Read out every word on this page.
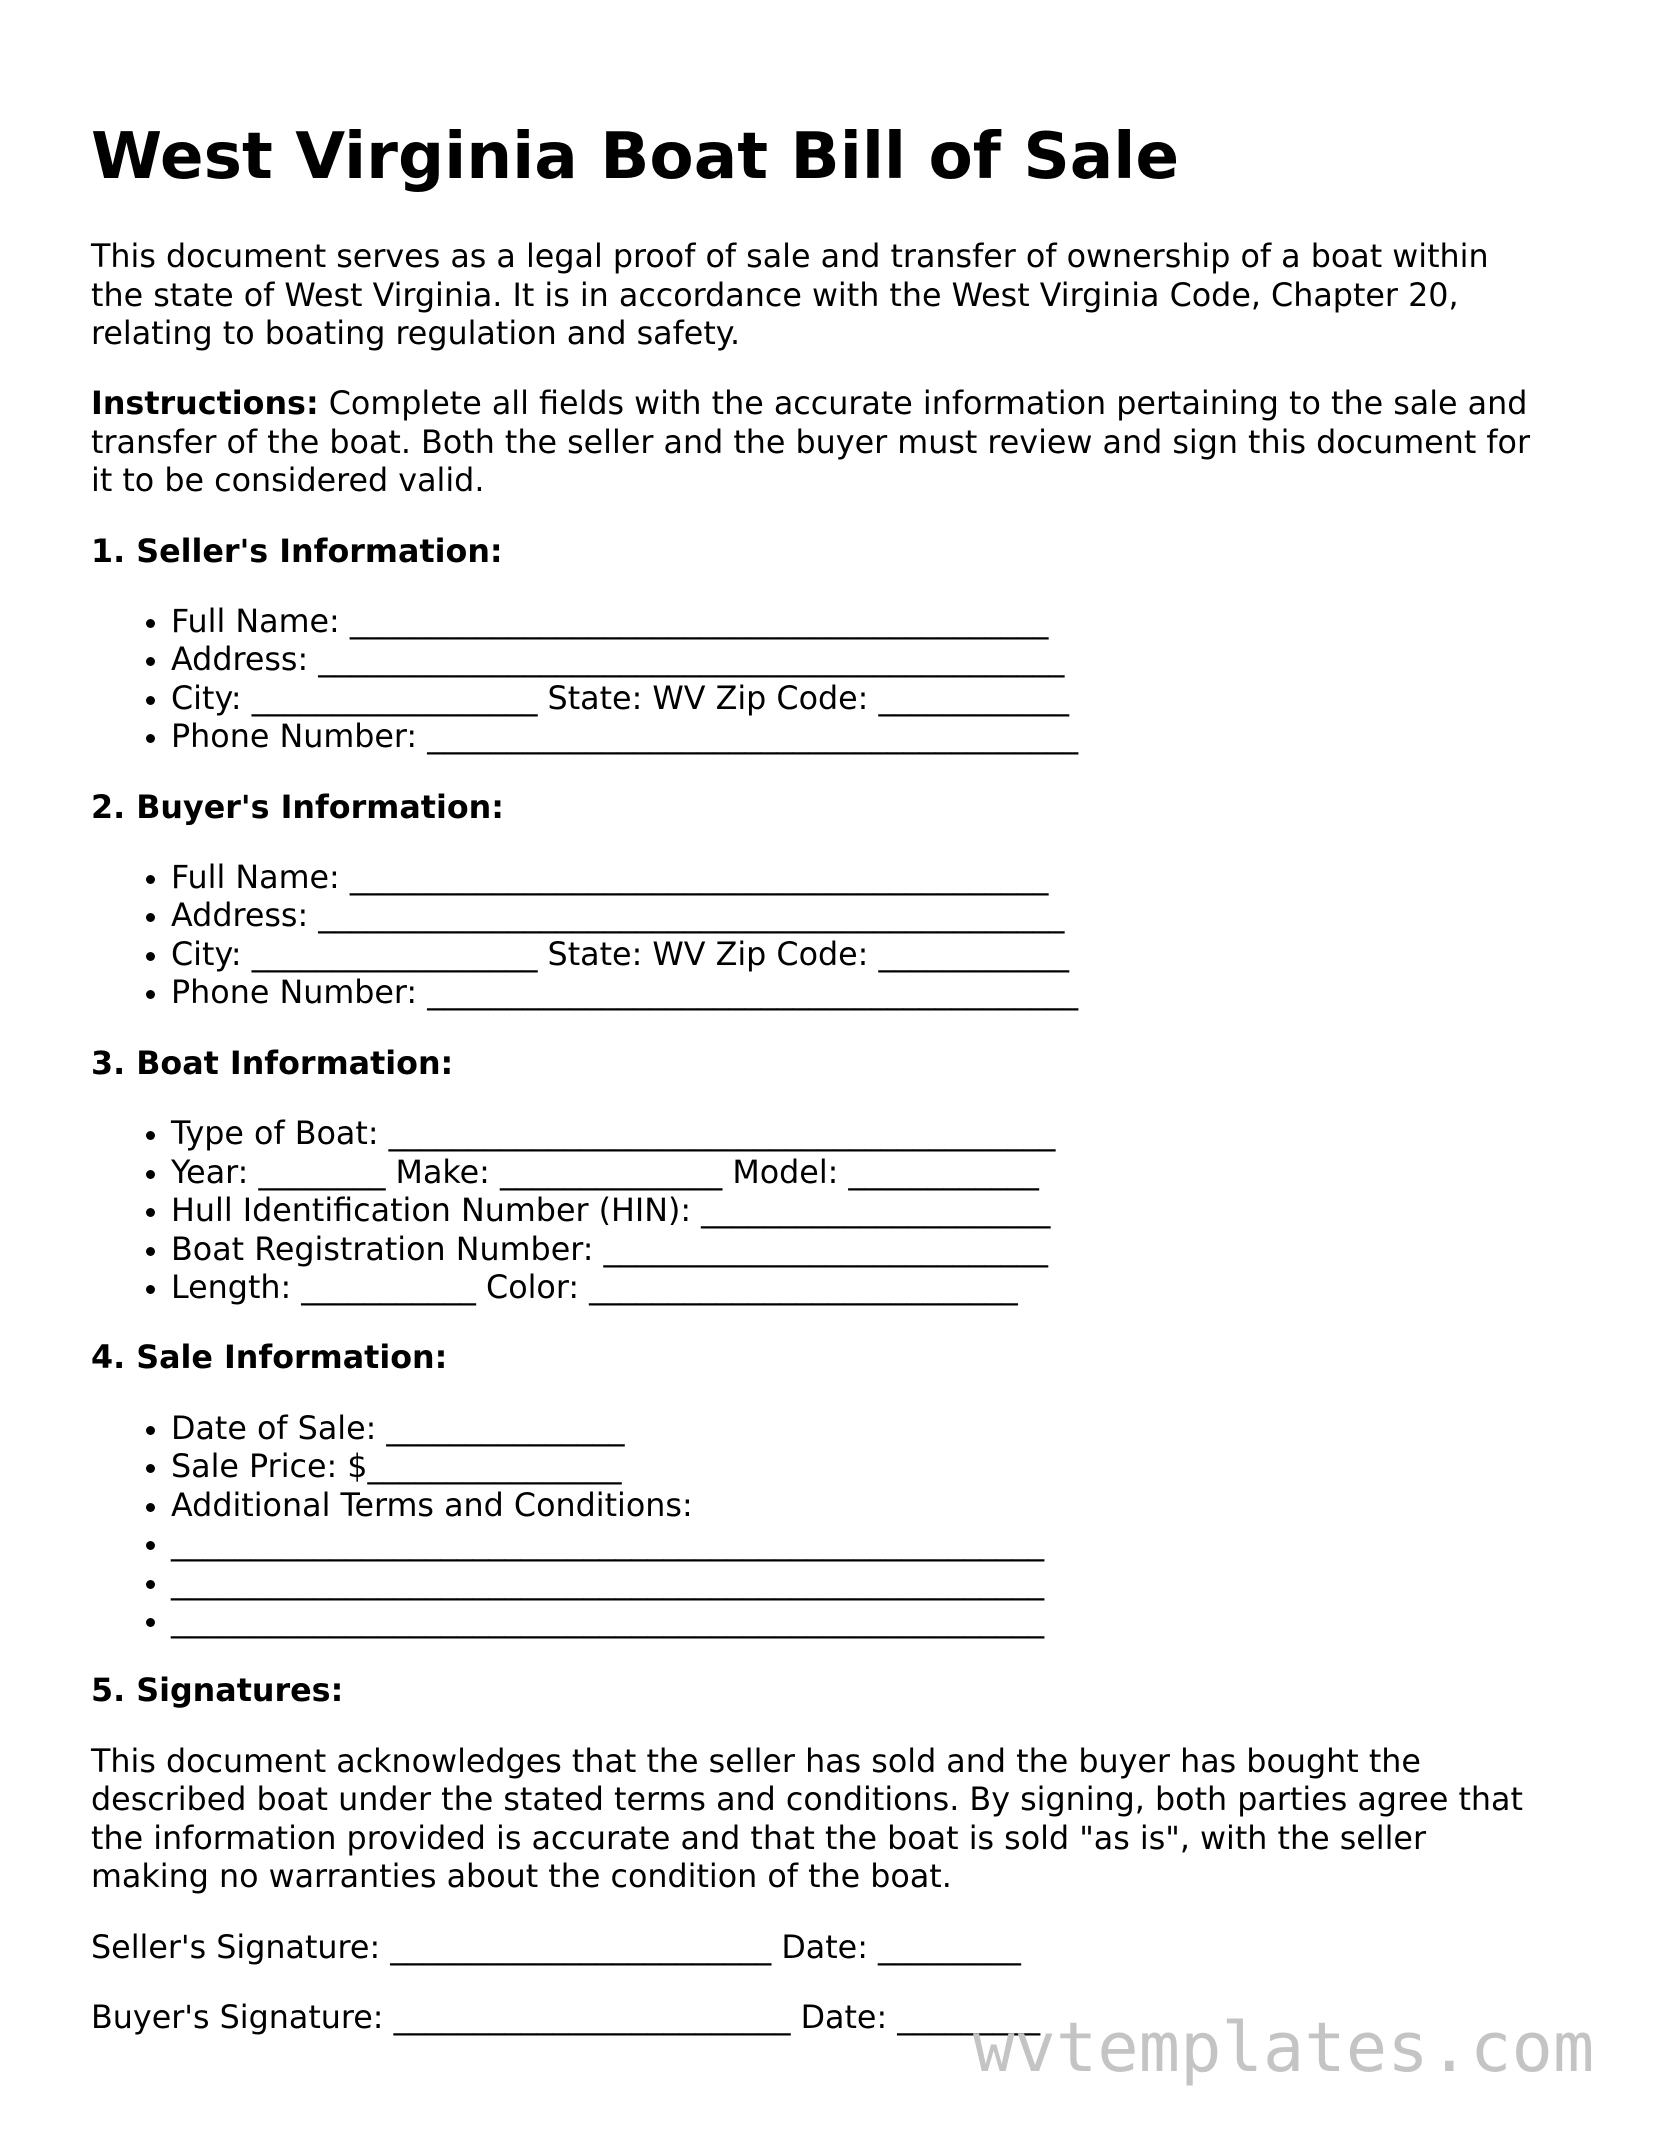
West Virginia Boat Bill of Sale

This document serves as a legal proof of sale and transfer of ownership of a boat within
the state of West Virginia. It is in accordance with the West Virginia Code, Chapter 20,
relating to boating regulation and safety.

Instructions: Complete all fields with the accurate information pertaining to the sale and
transfer of the boat. Both the seller and the buyer must review and sign this document for
it to be considered valid.

1. Seller's Information:
• Full Name: ____________________________________________
• Address: _______________________________________________
• City: __________________ State: WV Zip Code: ____________
• Phone Number: _________________________________________
2. Buyer's Information:
• Full Name: ____________________________________________
• Address: _______________________________________________
• City: __________________ State: WV Zip Code: ____________
• Phone Number: _________________________________________
3. Boat Information:
• Type of Boat: __________________________________________
• Year: ________ Make: ______________ Model: ____________
• Hull Identification Number (HIN): ______________________
• Boat Registration Number: ____________________________
• Length: ___________ Color: ___________________________
4. Sale Information:
• Date of Sale: _______________
• Sale Price: $________________
• Additional Terms and Conditions:
• _______________________________________________________
• _______________________________________________________
• _______________________________________________________
5. Signatures:

This document acknowledges that the seller has sold and the buyer has bought the
described boat under the stated terms and conditions. By signing, both parties agree that
the information provided is accurate and that the boat is sold "as is", with the seller
making no warranties about the condition of the boat.

Seller's Signature: ________________________ Date: _________

Buyer's Signature: _________________________ Date: _________

wvtemplates.com
